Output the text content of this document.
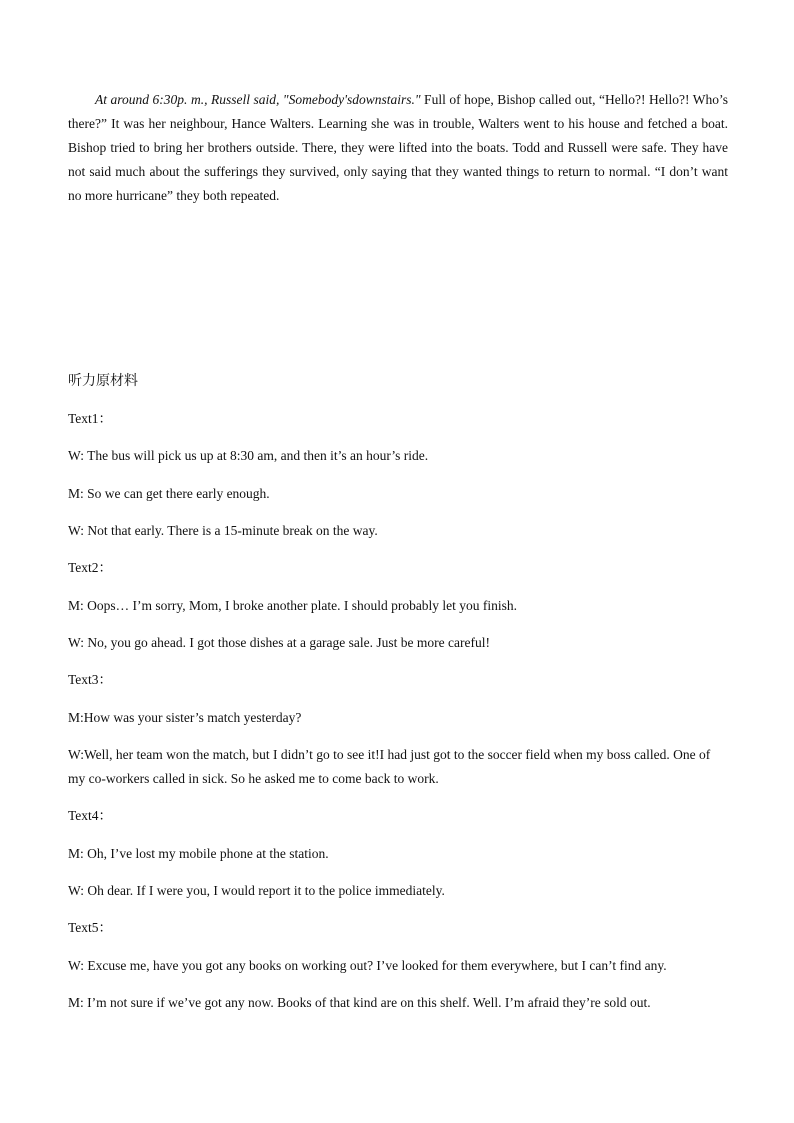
At around 6:30p. m., Russell said, "Somebody'sdownstairs." Full of hope, Bishop called out, “Hello?! Hello?! Who’s there?” It was her neighbour, Hance Walters. Learning she was in trouble, Walters went to his house and fetched a boat. Bishop tried to bring her brothers outside. There, they were lifted into the boats. Todd and Russell were safe. They have not said much about the sufferings they survived, only saying that they wanted things to return to normal. “I don’t want no more hurricane” they both repeated.

听力原材料

Text1：

W: The bus will pick us up at 8:30 am, and then it’s an hour’s ride.

M: So we can get there early enough.

W: Not that early. There is a 15-minute break on the way.

Text2：

M: Oops… I’m sorry, Mom, I broke another plate. I should probably let you finish.

W: No, you go ahead. I got those dishes at a garage sale. Just be more careful!

Text3：

M:How was your sister’s match yesterday?

W:Well, her team won the match, but I didn’t go to see it!I had just got to the soccer field when my boss called. One of my co-workers called in sick. So he asked me to come back to work.

Text4：

M: Oh, I’ve lost my mobile phone at the station.

W: Oh dear. If I were you, I would report it to the police immediately.

Text5：

W: Excuse me, have you got any books on working out? I’ve looked for them everywhere, but I can’t find any.

M: I’m not sure if we’ve got any now. Books of that kind are on this shelf. Well. I’m afraid they’re sold out.
